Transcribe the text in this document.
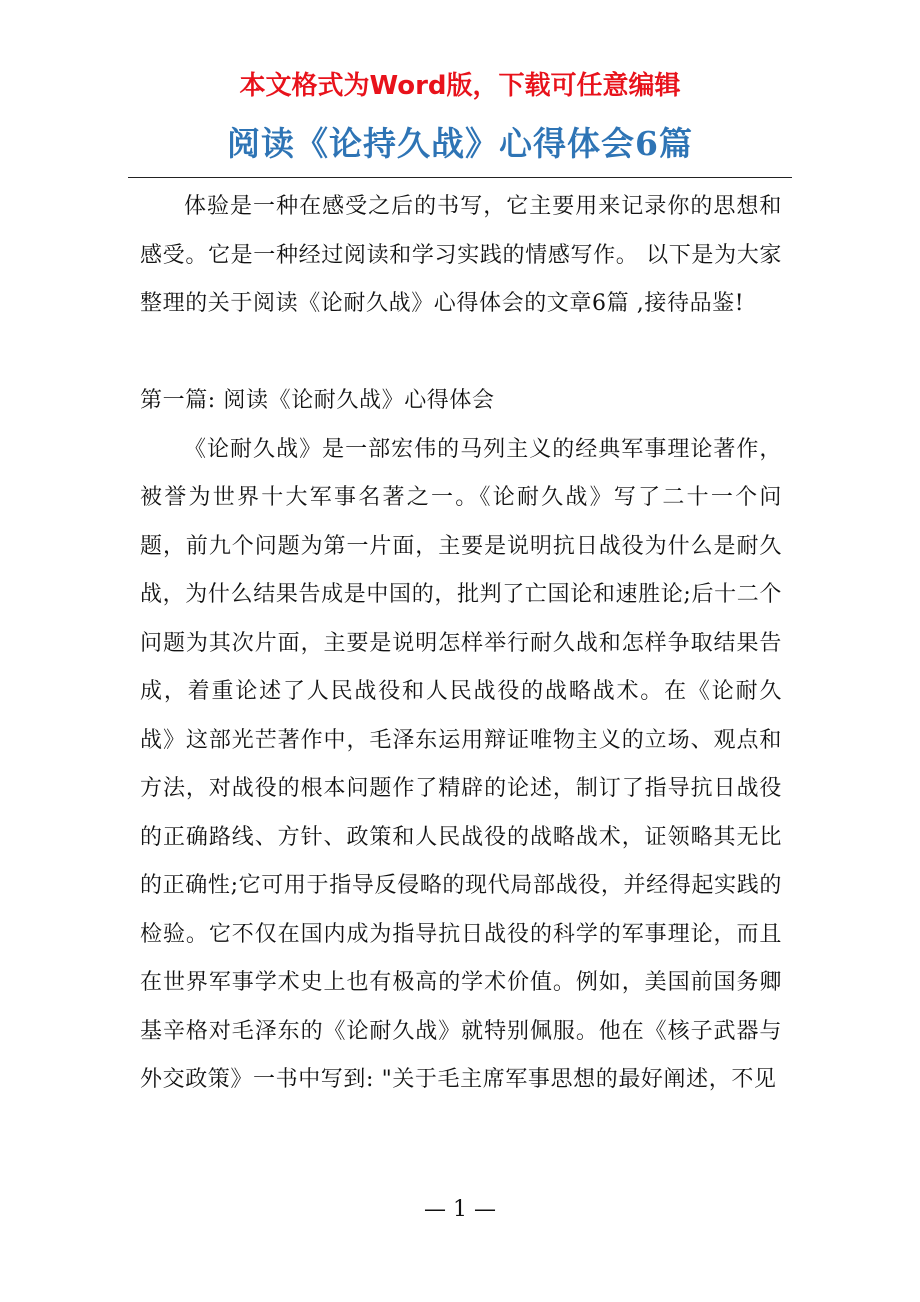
本文格式为Word版，下载可任意编辑
阅读《论持久战》心得体会6篇

体验是一种在感受之后的书写，它主要用来记录你的思想和感受。它是一种经过阅读和学习实践的情感写作。 以下是为大家整理的关于阅读《论耐久战》心得体会的文章6篇 ,接待品鉴!

第一篇: 阅读《论耐久战》心得体会

《论耐久战》是一部宏伟的马列主义的经典军事理论著作，被誉为世界十大军事名著之一。《论耐久战》写了二十一个问题，前九个问题为第一片面，主要是说明抗日战役为什么是耐久战，为什么结果告成是中国的，批判了亡国论和速胜论;后十二个问题为其次片面，主要是说明怎样举行耐久战和怎样争取结果告成，着重论述了人民战役和人民战役的战略战术。在《论耐久战》这部光芒著作中，毛泽东运用辩证唯物主义的立场、观点和方法，对战役的根本问题作了精辟的论述，制订了指导抗日战役的正确路线、方针、政策和人民战役的战略战术，证领略其无比的正确性;它可用于指导反侵略的现代局部战役，并经得起实践的检验。它不仅在国内成为指导抗日战役的科学的军事理论，而且在世界军事学术史上也有极高的学术价值。例如，美国前国务卿基辛格对毛泽东的《论耐久战》就特别佩服。他在《核子武器与外交政策》一书中写到: "关于毛主席军事思想的最好阐述，不见

— 1 —
